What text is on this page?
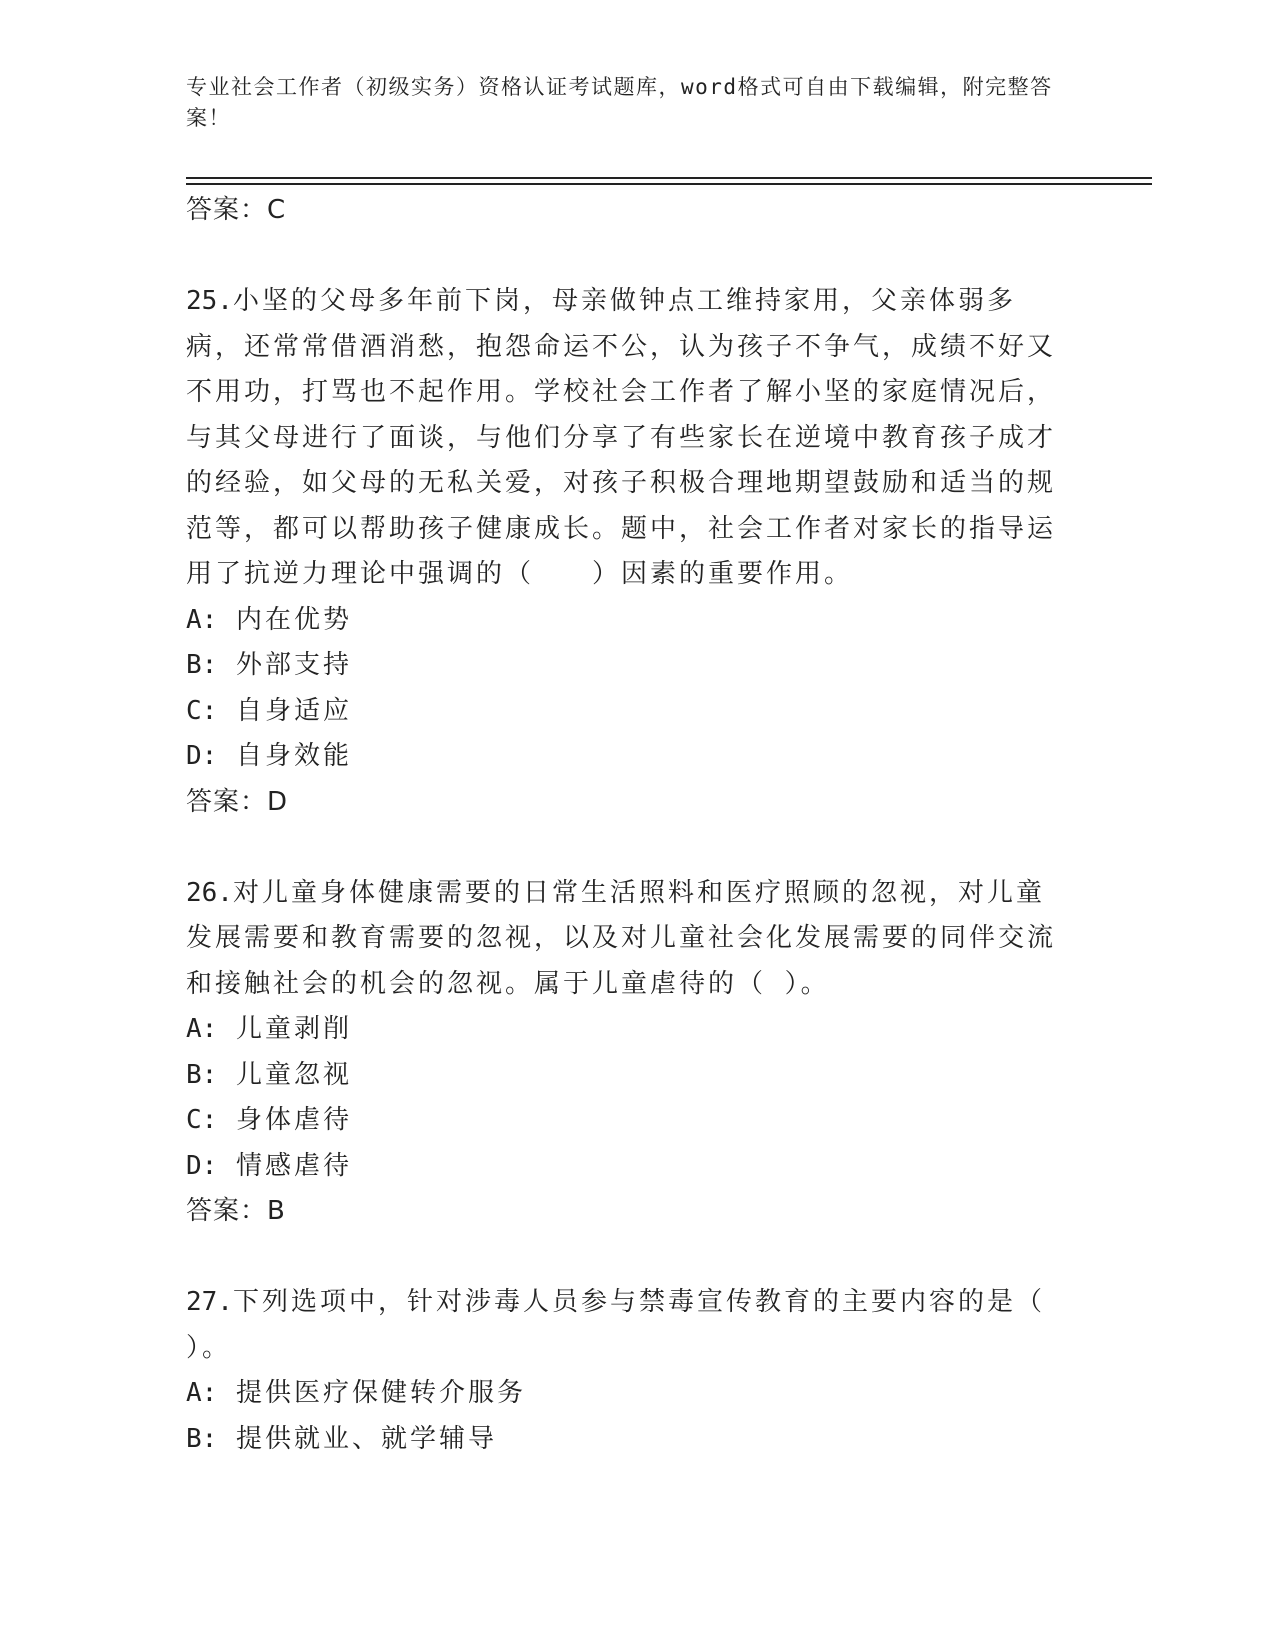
专业社会工作者（初级实务）资格认证考试题库，word格式可自由下载编辑，附完整答案！
答案：C
25.小坚的父母多年前下岗，母亲做钟点工维持家用，父亲体弱多病，还常常借酒消愁，抱怨命运不公，认为孩子不争气，成绩不好又不用功，打骂也不起作用。学校社会工作者了解小坚的家庭情况后，与其父母进行了面谈，与他们分享了有些家长在逆境中教育孩子成才的经验，如父母的无私关爱，对孩子积极合理地期望鼓励和适当的规范等，都可以帮助孩子健康成长。题中，社会工作者对家长的指导运用了抗逆力理论中强调的（　　）因素的重要作用。
A: 内在优势
B: 外部支持
C: 自身适应
D: 自身效能
答案：D
26.对儿童身体健康需要的日常生活照料和医疗照顾的忽视，对儿童发展需要和教育需要的忽视，以及对儿童社会化发展需要的同伴交流和接触社会的机会的忽视。属于儿童虐待的（ ）。
A: 儿童剥削
B: 儿童忽视
C: 身体虐待
D: 情感虐待
答案：B
27.下列选项中，针对涉毒人员参与禁毒宣传教育的主要内容的是（ ）。
A: 提供医疗保健转介服务
B: 提供就业、就学辅导
